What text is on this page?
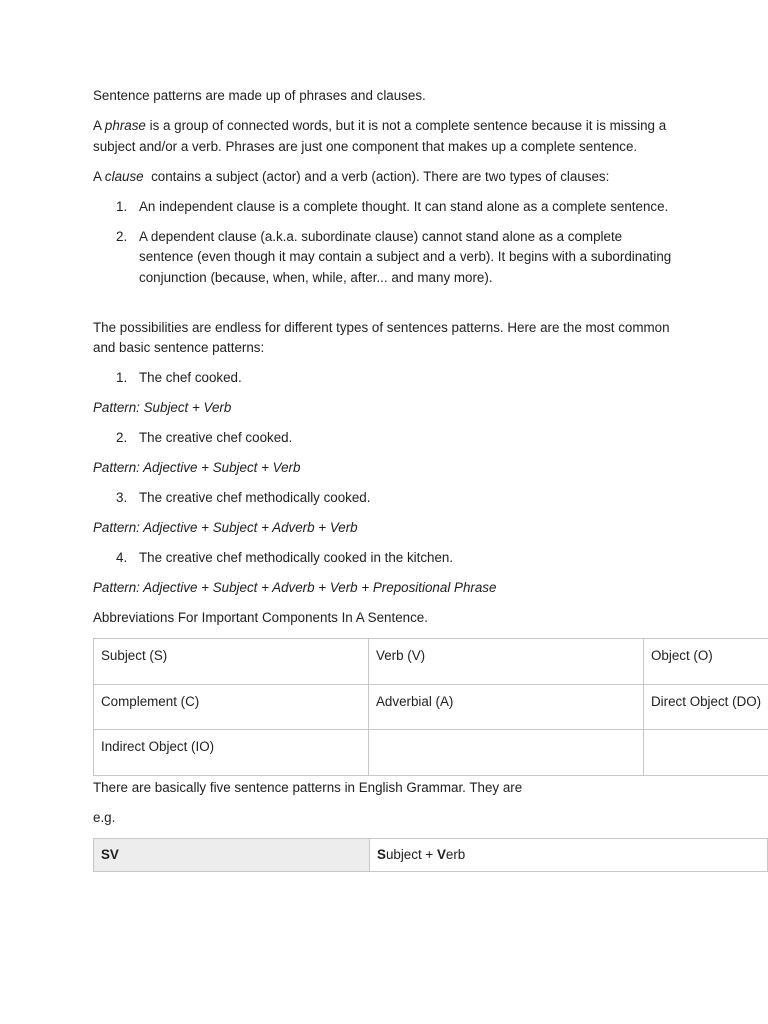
Sentence patterns are made up of phrases and clauses.

A phrase is a group of connected words, but it is not a complete sentence because it is missing a subject and/or a verb. Phrases are just one component that makes up a complete sentence.

A clause  contains a subject (actor) and a verb (action). There are two types of clauses:

1. An independent clause is a complete thought. It can stand alone as a complete sentence.
2. A dependent clause (a.k.a. subordinate clause) cannot stand alone as a complete sentence (even though it may contain a subject and a verb). It begins with a subordinating conjunction (because, when, while, after... and many more).

The possibilities are endless for different types of sentences patterns. Here are the most common and basic sentence patterns:

1. The chef cooked.

Pattern: Subject + Verb

2. The creative chef cooked.

Pattern: Adjective + Subject + Verb

3. The creative chef methodically cooked.

Pattern: Adjective + Subject + Adverb + Verb

4. The creative chef methodically cooked in the kitchen.

Pattern: Adjective + Subject + Adverb + Verb + Prepositional Phrase

Abbreviations For Important Components In A Sentence.

Subject (S)	Verb (V)	Object (O)
Complement (C)	Adverbial (A)	Direct Object (DO)
Indirect Object (IO)		

There are basically five sentence patterns in English Grammar. They are

e.g.

SV	Subject + Verb
